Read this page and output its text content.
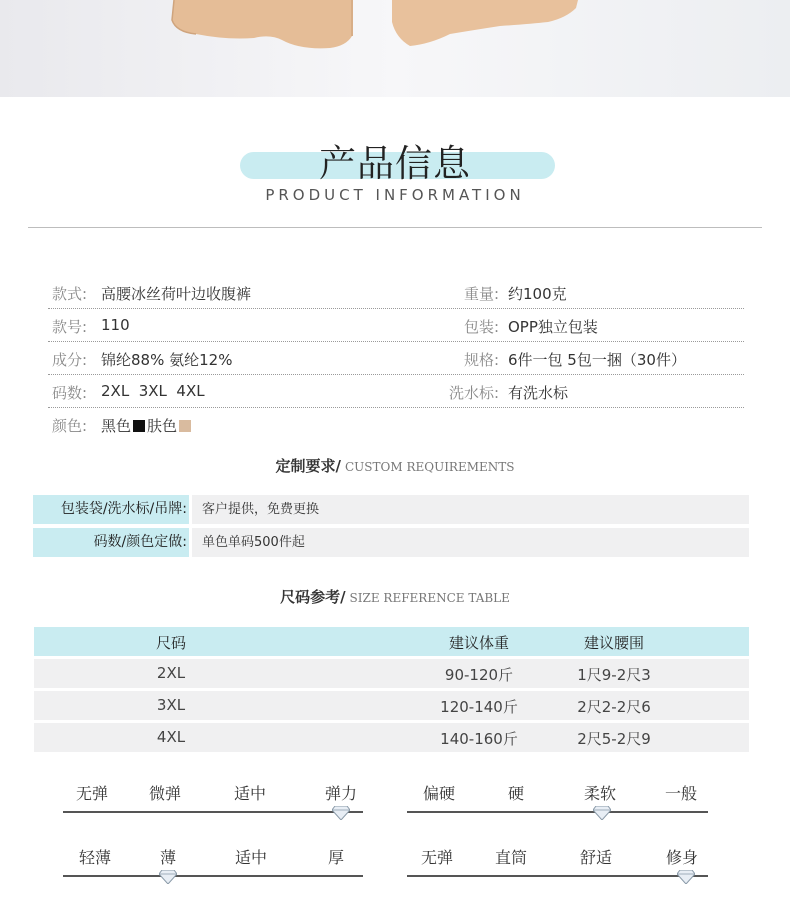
产品信息
PRODUCT INFORMATION
款式: 高腰冰丝荷叶边收腹裤	重量: 约100克
款号: 110	包装: OPP独立包装
成分: 锦纶88% 氨纶12%	规格: 6件一包 5包一捆（30件）
码数: 2XL  3XL  4XL	洗水标: 有洗水标
颜色: 黑色 肤色
定制要求/ CUSTOM REQUIREMENTS
包装袋/洗水标/吊牌:	客户提供，免费更换
码数/颜色定做:	单色单码500件起
尺码参考/ SIZE REFERENCE TABLE
尺码	建议体重	建议腰围
2XL	90-120斤	1尺9-2尺3
3XL	120-140斤	2尺2-2尺6
4XL	140-160斤	2尺5-2尺9
无弹	微弹	适中	弹力	偏硬	硬	柔软	一般
轻薄	薄	适中	厚	无弹	直筒	舒适	修身
